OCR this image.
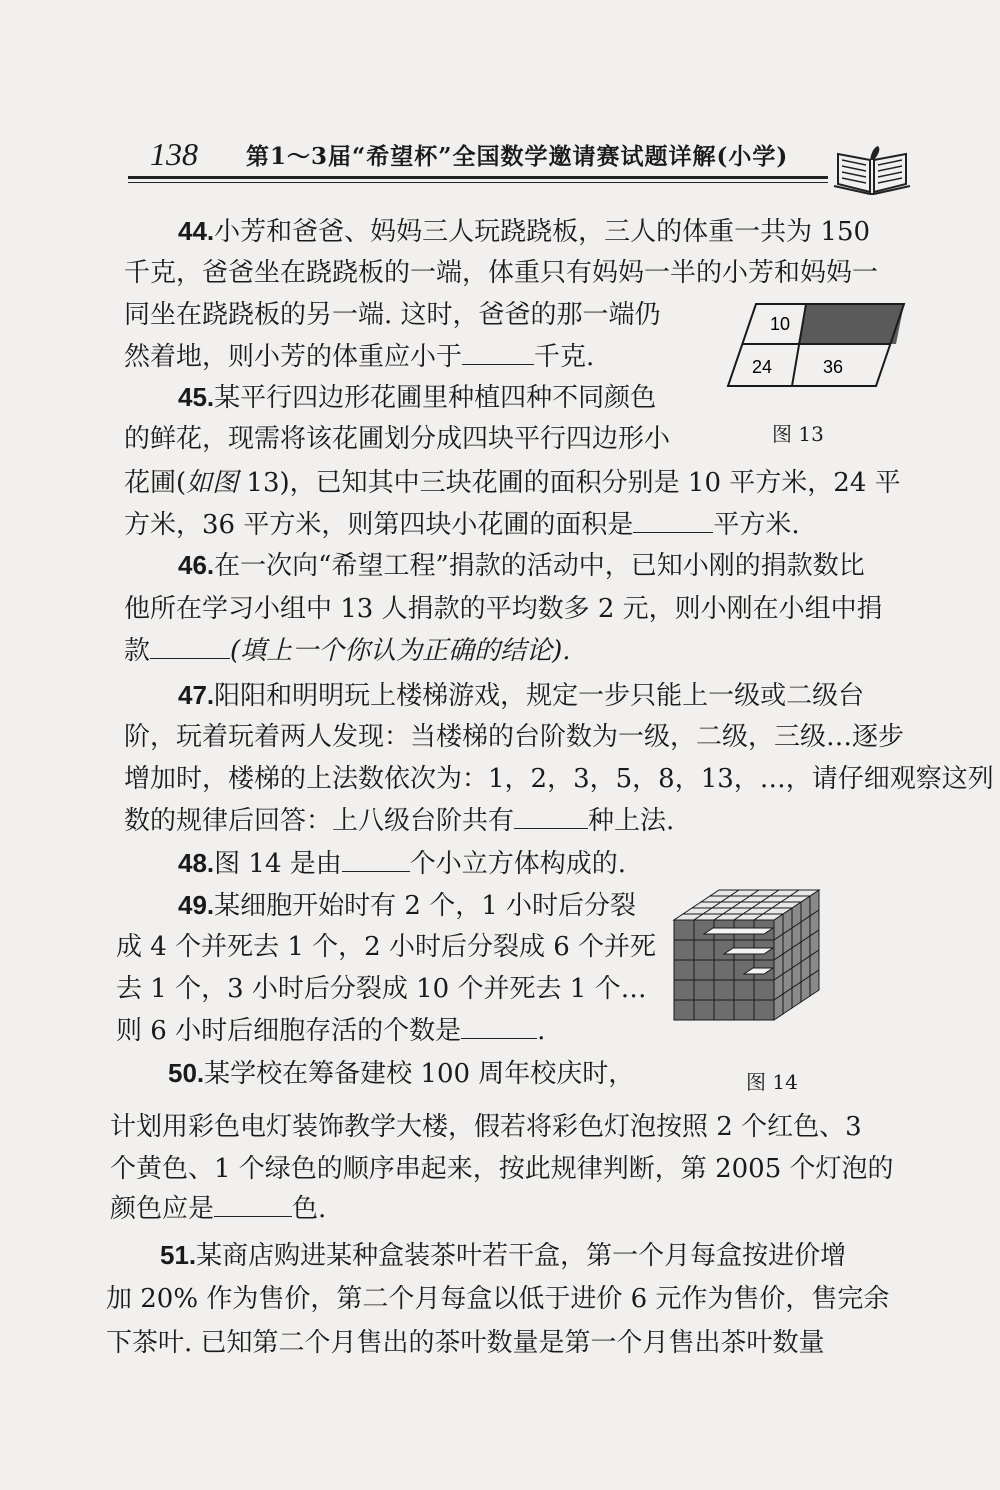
138 第1～3届“希望杯”全国数学邀请赛试题详解(小学)
44.小芳和爸爸、妈妈三人玩跷跷板，三人的体重一共为 150
千克，爸爸坐在跷跷板的一端，体重只有妈妈一半的小芳和妈妈一
同坐在跷跷板的另一端. 这时，爸爸的那一端仍
然着地，则小芳的体重应小于	千克.
10
24	36
图 13
45.某平行四边形花圃里种植四种不同颜色
的鲜花，现需将该花圃划分成四块平行四边形小
花圃(如图 13)，已知其中三块花圃的面积分别是 10 平方米，24 平
方米，36 平方米，则第四块小花圃的面积是	平方米.
46.在一次向“希望工程”捐款的活动中，已知小刚的捐款数比
他所在学习小组中 13 人捐款的平均数多 2 元，则小刚在小组中捐
款	(填上一个你认为正确的结论).
47.阳阳和明明玩上楼梯游戏，规定一步只能上一级或二级台
阶，玩着玩着两人发现：当楼梯的台阶数为一级，二级，三级…逐步
增加时，楼梯的上法数依次为：1，2，3，5，8，13，…，请仔细观察这列
数的规律后回答：上八级台阶共有	种上法.
48.图 14 是由	个小立方体构成的.
图 14
49.某细胞开始时有 2 个，1 小时后分裂
成 4 个并死去 1 个，2 小时后分裂成 6 个并死
去 1 个，3 小时后分裂成 10 个并死去 1 个…
则 6 小时后细胞存活的个数是	.
50.某学校在筹备建校 100 周年校庆时，
计划用彩色电灯装饰教学大楼，假若将彩色灯泡按照 2 个红色、3
个黄色、1 个绿色的顺序串起来，按此规律判断，第 2005 个灯泡的
颜色应是	色.
51.某商店购进某种盒装茶叶若干盒，第一个月每盒按进价增
加 20% 作为售价，第二个月每盒以低于进价 6 元作为售价，售完余
下茶叶. 已知第二个月售出的茶叶数量是第一个月售出茶叶数量
